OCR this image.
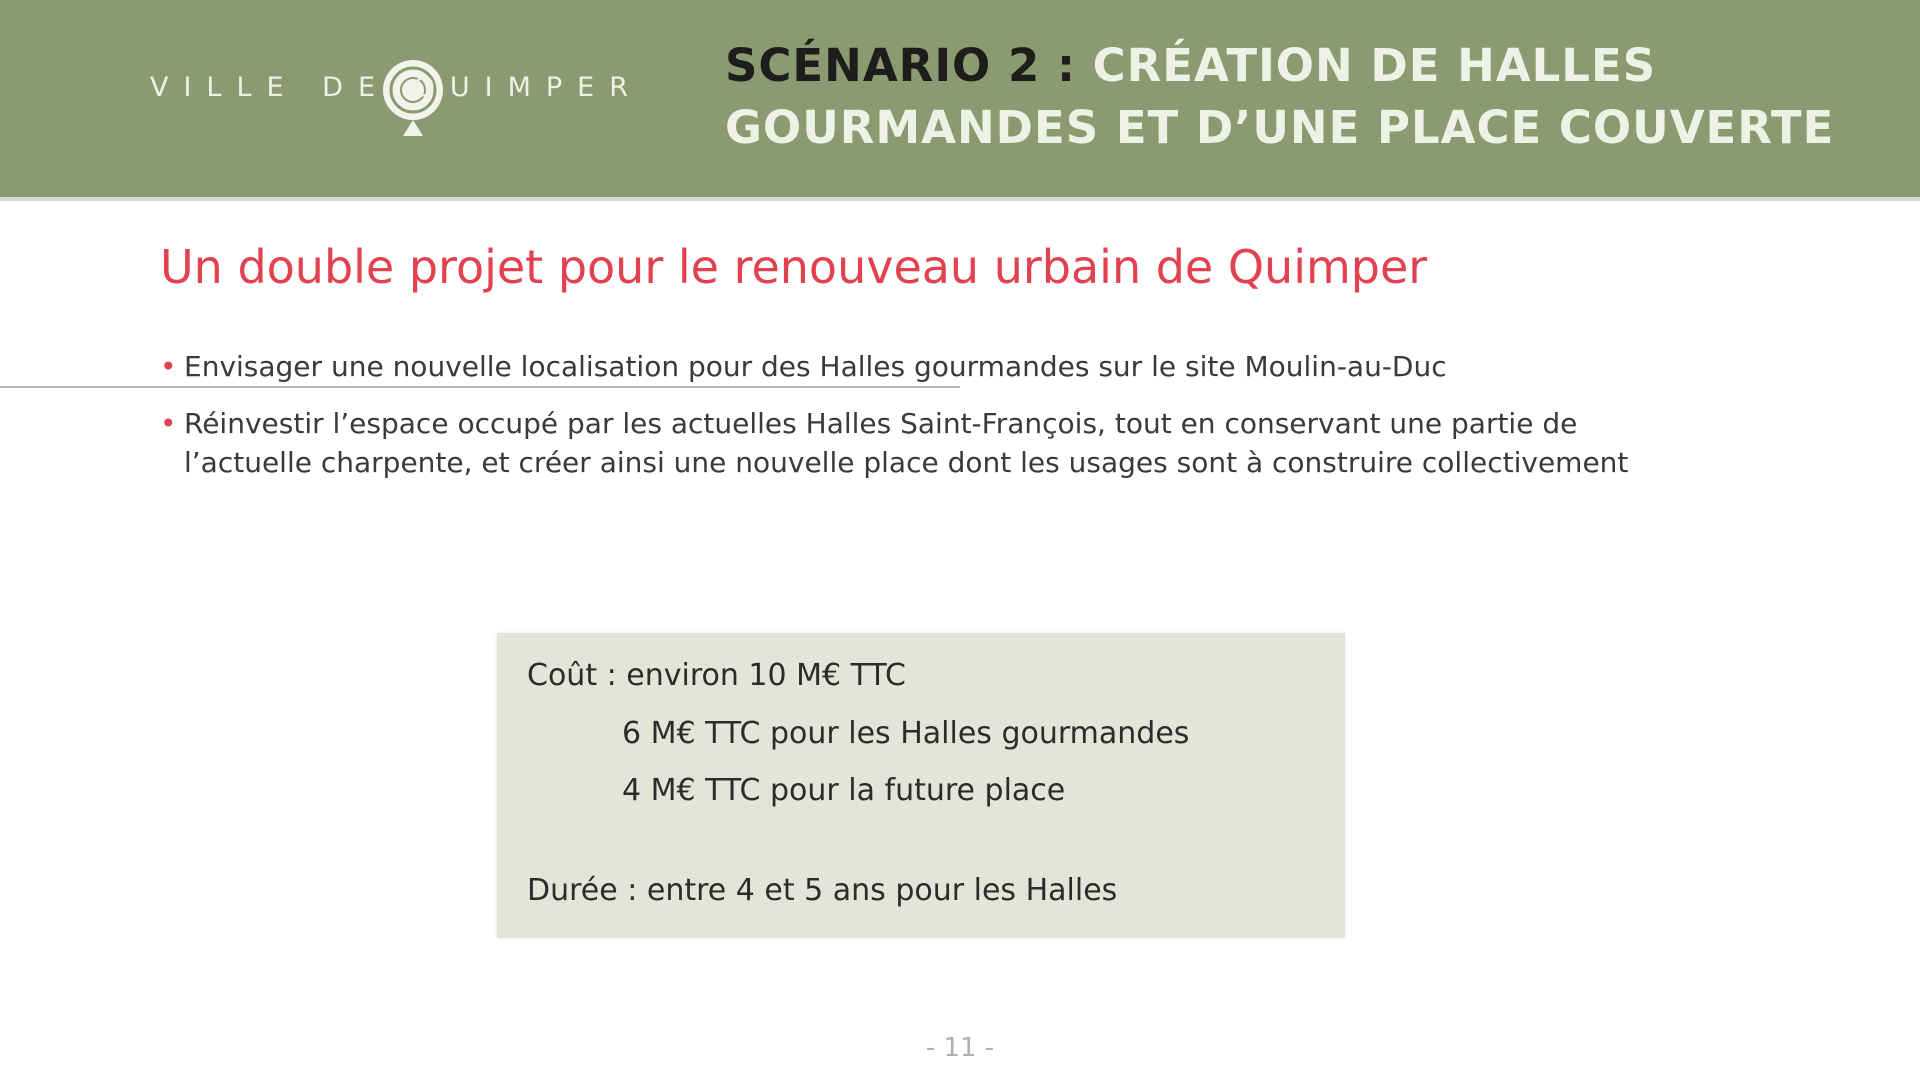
VILLE DE QUIMPER SCÉNARIO 2 : CRÉATION DE HALLES GOURMANDES ET D’UNE PLACE COUVERTE
Un double projet pour le renouveau urbain de Quimper
• Envisager une nouvelle localisation pour des Halles gourmandes sur le site Moulin-au-Duc
• Réinvestir l’espace occupé par les actuelles Halles Saint-François, tout en conservant une partie de l’actuelle charpente, et créer ainsi une nouvelle place dont les usages sont à construire collectivement
Coût : environ 10 M€ TTC
6 M€ TTC pour les Halles gourmandes
4 M€ TTC pour la future place
Durée : entre 4 et 5 ans pour les Halles
- 11 -
